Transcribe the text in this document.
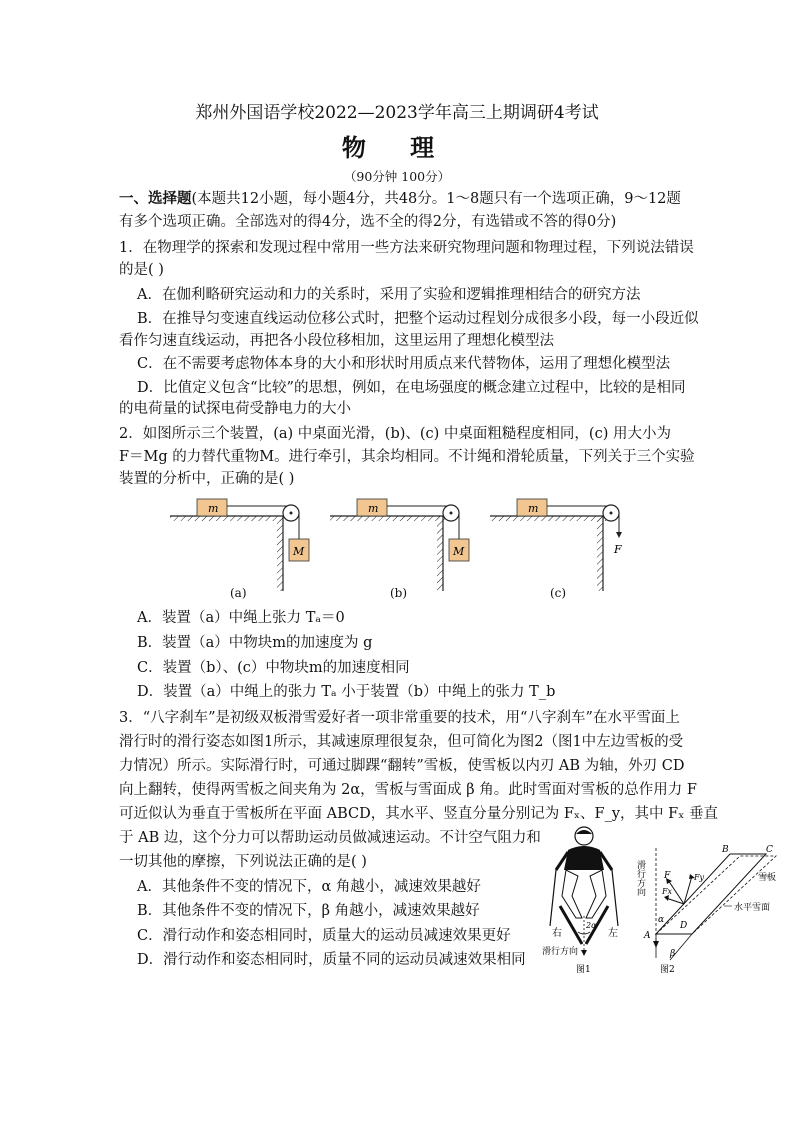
郑州外国语学校2022—2023学年高三上期调研4考试
物 理
（90分钟 100分）
一、选择题(本题共12小题，每小题4分，共48分。1～8题只有一个选项正确，9～12题
有多个选项正确。全部选对的得4分，选不全的得2分，有选错或不答的得0分)
1．在物理学的探索和发现过程中常用一些方法来研究物理问题和物理过程，下列说法错误
的是( )
A．在伽利略研究运动和力的关系时，采用了实验和逻辑推理相结合的研究方法
B．在推导匀变速直线运动位移公式时，把整个运动过程划分成很多小段，每一小段近似
看作匀速直线运动，再把各小段位移相加，这里运用了理想化模型法
C．在不需要考虑物体本身的大小和形状时用质点来代替物体，运用了理想化模型法
D．比值定义包含“比较”的思想，例如，在电场强度的概念建立过程中，比较的是相同
的电荷量的试探电荷受静电力的大小
2．如图所示三个装置，(a) 中桌面光滑，(b)、(c) 中桌面粗糙程度相同，(c) 用大小为
F＝Mg 的力替代重物M。进行牵引，其余均相同。不计绳和滑轮质量，下列关于三个实验
装置的分析中，正确的是( )
m
M
m
M
m
F
(a)	(b)	(c)
A．装置（a）中绳上张力 Tₐ＝0
B．装置（a）中物块m的加速度为 g
C．装置（b）、(c）中物块m的加速度相同
D．装置（a）中绳上的张力 Tₐ 小于装置（b）中绳上的张力 T_b
3．“八字刹车”是初级双板滑雪爱好者一项非常重要的技术，用“八字刹车”在水平雪面上
滑行时的滑行姿态如图1所示，其减速原理很复杂，但可简化为图2（图1中左边雪板的受
力情况）所示。实际滑行时，可通过脚踝“翻转”雪板，使雪板以内刃 AB 为轴，外刃 CD
向上翻转，使得两雪板之间夹角为 2α，雪板与雪面成 β 角。此时雪面对雪板的总作用力 F
可近似认为垂直于雪板所在平面 ABCD，其水平、竖直分量分别记为 Fₓ、F_y，其中 Fₓ 垂直
于 AB 边，这个分力可以帮助运动员做减速运动。不计空气阻力和
一切其他的摩擦，下列说法正确的是( )
A．其他条件不变的情况下，α 角越小，减速效果越好
B．其他条件不变的情况下，β 角越小，减速效果越好
C．滑行动作和姿态相同时，质量大的运动员减速效果更好
D．滑行动作和姿态相同时，质量不同的运动员减速效果相同
2α
右	左
滑行方向
图1
滑行方向 F	Fy
Fx
A
B	C
D
α
β
雪板
水平雪面
图2
